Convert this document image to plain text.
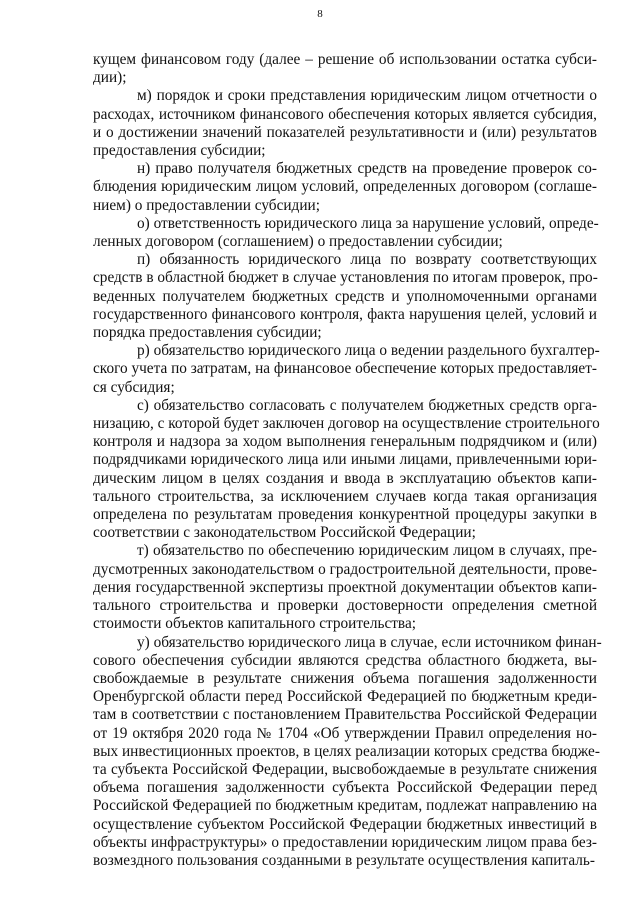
8
кущем финансовом году (далее – решение об использовании остатка субси-
дии);
м) порядок и сроки представления юридическим лицом отчетности о
расходах, источником финансового обеспечения которых является субсидия,
и о достижении значений показателей результативности и (или) результатов
предоставления субсидии;
н) право получателя бюджетных средств на проведение проверок со-
блюдения юридическим лицом условий, определенных договором (соглаше-
нием) о предоставлении субсидии;
о) ответственность юридического лица за нарушение условий, опреде-
ленных договором (соглашением) о предоставлении субсидии;
п) обязанность юридического лица по возврату соответствующих
средств в областной бюджет в случае установления по итогам проверок, про-
веденных получателем бюджетных средств и уполномоченными органами
государственного финансового контроля, факта нарушения целей, условий и
порядка предоставления субсидии;
р) обязательство юридического лица о ведении раздельного бухгалтер-
ского учета по затратам, на финансовое обеспечение которых предоставляет-
ся субсидия;
с) обязательство согласовать с получателем бюджетных средств орга-
низацию, с которой будет заключен договор на осуществление строительного
контроля и надзора за ходом выполнения генеральным подрядчиком и (или)
подрядчиками юридического лица или иными лицами, привлеченными юри-
дическим лицом в целях создания и ввода в эксплуатацию объектов капи-
тального строительства, за исключением случаев когда такая организация
определена по результатам проведения конкурентной процедуры закупки в
соответствии с законодательством Российской Федерации;
т) обязательство по обеспечению юридическим лицом в случаях, пре-
дусмотренных законодательством о градостроительной деятельности, прове-
дения государственной экспертизы проектной документации объектов капи-
тального строительства и проверки достоверности определения сметной
стоимости объектов капитального строительства;
у) обязательство юридического лица в случае, если источником финан-
сового обеспечения субсидии являются средства областного бюджета, вы-
свобождаемые в результате снижения объема погашения задолженности
Оренбургской области перед Российской Федерацией по бюджетным креди-
там в соответствии с постановлением Правительства Российской Федерации
от 19 октября 2020 года № 1704 «Об утверждении Правил определения но-
вых инвестиционных проектов, в целях реализации которых средства бюдже-
та субъекта Российской Федерации, высвобождаемые в результате снижения
объема погашения задолженности субъекта Российской Федерации перед
Российской Федерацией по бюджетным кредитам, подлежат направлению на
осуществление субъектом Российской Федерации бюджетных инвестиций в
объекты инфраструктуры» о предоставлении юридическим лицом права без-
возмездного пользования созданными в результате осуществления капиталь-
